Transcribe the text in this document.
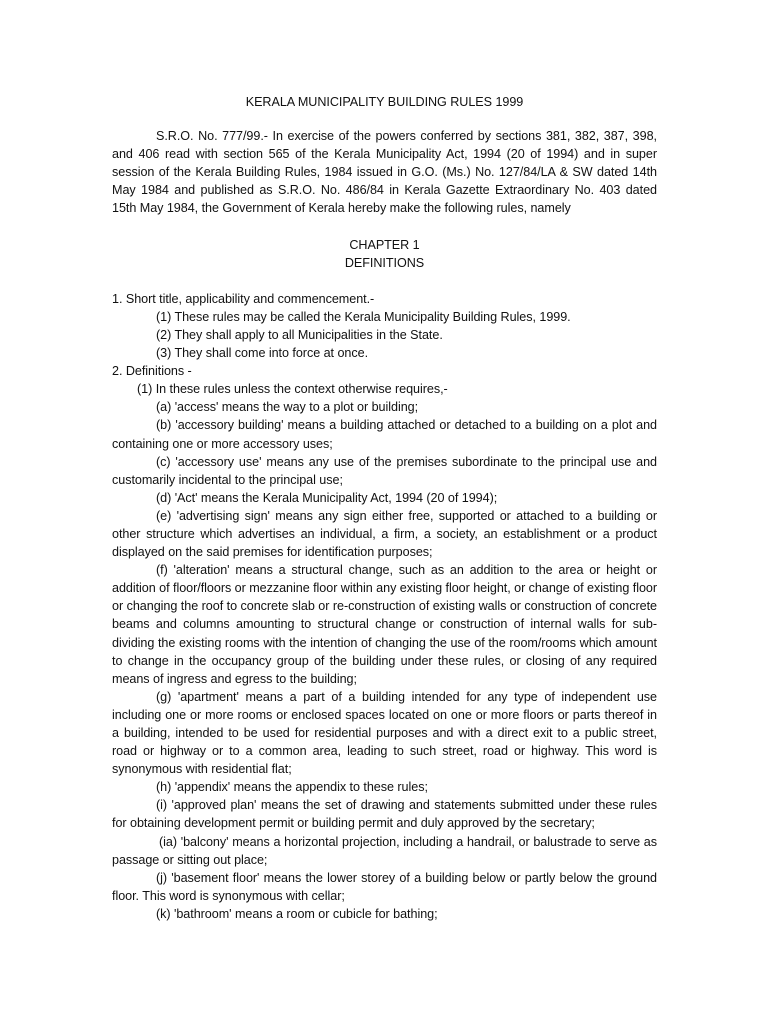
KERALA MUNICIPALITY BUILDING RULES 1999

S.R.O. No. 777/99.- In exercise of the powers conferred by sections 381, 382, 387, 398, and 406 read with section 565 of the Kerala Municipality Act, 1994 (20 of 1994) and in super session of the Kerala Building Rules, 1984 issued in G.O. (Ms.) No. 127/84/LA & SW dated 14th May 1984 and published as S.R.O. No. 486/84 in Kerala Gazette Extraordinary No. 403 dated 15th May 1984, the Government of Kerala hereby make the following rules, namely

CHAPTER 1
DEFINITIONS
1. Short title, applicability and commencement.-
(1) These rules may be called the Kerala Municipality Building Rules, 1999.
(2) They shall apply to all Municipalities in the State.
(3) They shall come into force at once.
2. Definitions -
(1) In these rules unless the context otherwise requires,-
(a) 'access' means the way to a plot or building;
(b) 'accessory building' means a building attached or detached to a building on a plot and containing one or more accessory uses;
(c) 'accessory use' means any use of the premises subordinate to the principal use and customarily incidental to the principal use;
(d) 'Act' means the Kerala Municipality Act, 1994 (20 of 1994);
(e) 'advertising sign' means any sign either free, supported or attached to a building or other structure which advertises an individual, a firm, a society, an establishment or a product displayed on the said premises for identification purposes;
(f) 'alteration' means a structural change, such as an addition to the area or height or addition of floor/floors or mezzanine floor within any existing floor height, or change of existing floor or changing the roof to concrete slab or re-construction of existing walls or construction of concrete beams and columns amounting to structural change or construction of internal walls for sub-dividing the existing rooms with the intention of changing the use of the room/rooms which amount to change in the occupancy group of the building under these rules, or closing of any required means of ingress and egress to the building;
(g) 'apartment' means a part of a building intended for any type of independent use including one or more rooms or enclosed spaces located on one or more floors or parts thereof in a building, intended to be used for residential purposes and with a direct exit to a public street, road or highway or to a common area, leading to such street, road or highway. This word is synonymous with residential flat;
(h) 'appendix' means the appendix to these rules;
(i) 'approved plan' means the set of drawing and statements submitted under these rules for obtaining development permit or building permit and duly approved by the secretary;
(ia) 'balcony' means a horizontal projection, including a handrail, or balustrade to serve as passage or sitting out place;
(j) 'basement floor' means the lower storey of a building below or partly below the ground floor. This word is synonymous with cellar;
(k) 'bathroom' means a room or cubicle for bathing;
